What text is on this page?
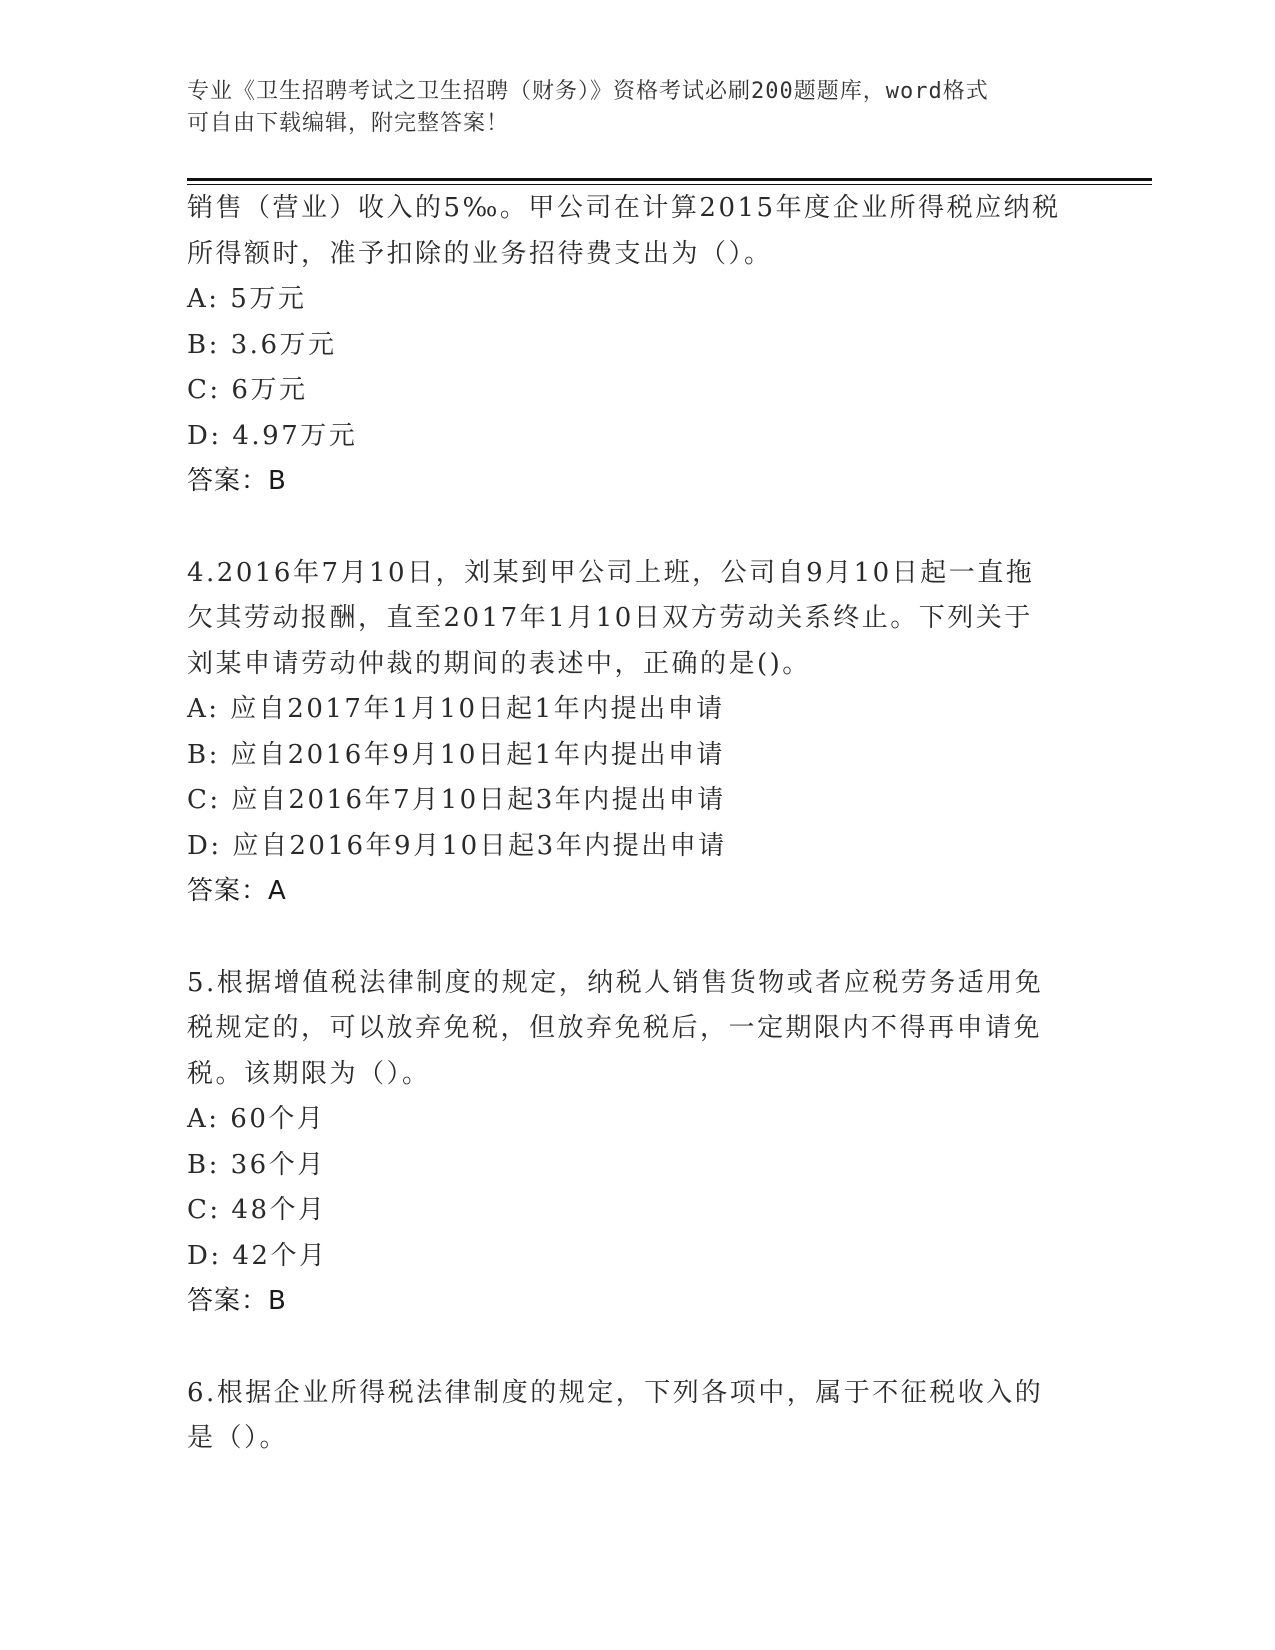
专业《卫生招聘考试之卫生招聘（财务）》资格考试必刷200题题库，word格式
可自由下载编辑，附完整答案！
销售（营业）收入的5‰。甲公司在计算2015年度企业所得税应纳税
所得额时，准予扣除的业务招待费支出为（）。
A: 5万元
B: 3.6万元
C: 6万元
D: 4.97万元
答案：B
4.2016年7月10日，刘某到甲公司上班，公司自9月10日起一直拖
欠其劳动报酬，直至2017年1月10日双方劳动关系终止。下列关于
刘某申请劳动仲裁的期间的表述中，正确的是()。
A: 应自2017年1月10日起1年内提出申请
B: 应自2016年9月10日起1年内提出申请
C: 应自2016年7月10日起3年内提出申请
D: 应自2016年9月10日起3年内提出申请
答案：A
5.根据增值税法律制度的规定，纳税人销售货物或者应税劳务适用免
税规定的，可以放弃免税，但放弃免税后，一定期限内不得再申请免
税。该期限为（）。
A: 60个月
B: 36个月
C: 48个月
D: 42个月
答案：B
6.根据企业所得税法律制度的规定，下列各项中，属于不征税收入的
是（）。
